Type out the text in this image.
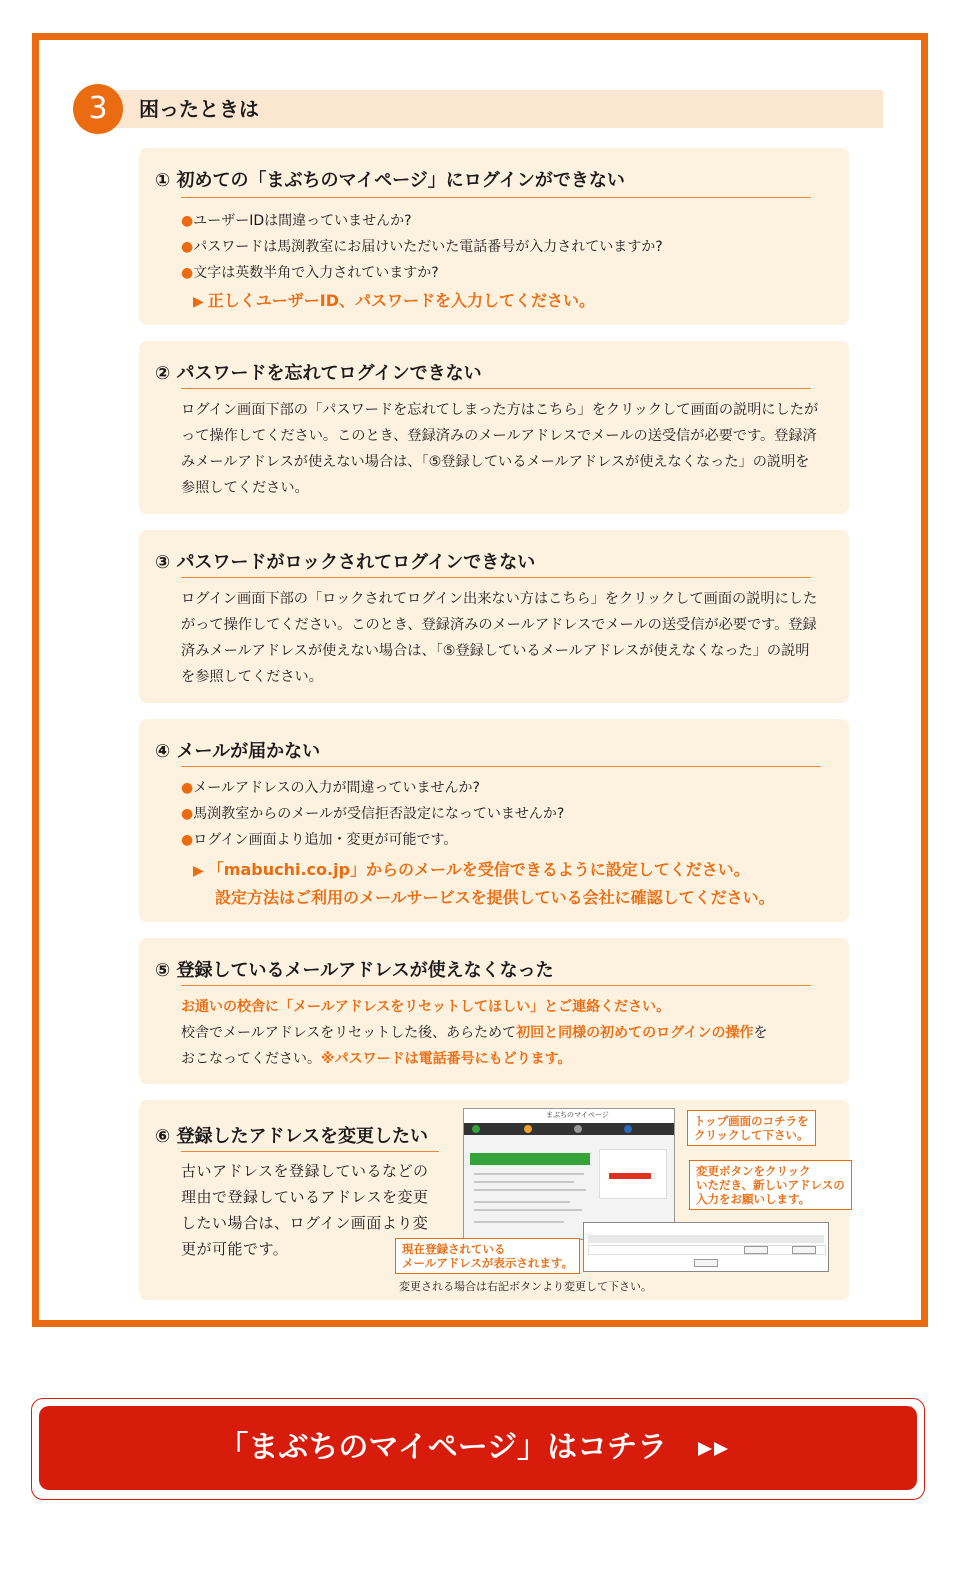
3	困ったときは
① 初めての「まぶちのマイページ」にログインができない
●ユーザーIDは間違っていませんか?
●パスワードは馬渕教室にお届けいただいた電話番号が入力されていますか?
●文字は英数半角で入力されていますか?
▶ 正しくユーザーID、パスワードを入力してください。
② パスワードを忘れてログインできない
ログイン画面下部の「パスワードを忘れてしまった方はこちら」をクリックして画面の説明にしたがって操作してください。このとき、登録済みのメールアドレスでメールの送受信が必要です。登録済みメールアドレスが使えない場合は、「⑤登録しているメールアドレスが使えなくなった」の説明を参照してください。
③ パスワードがロックされてログインできない
ログイン画面下部の「ロックされてログイン出来ない方はこちら」をクリックして画面の説明にしたがって操作してください。このとき、登録済みのメールアドレスでメールの送受信が必要です。登録済みメールアドレスが使えない場合は、「⑤登録しているメールアドレスが使えなくなった」の説明を参照してください。
④ メールが届かない
●メールアドレスの入力が間違っていませんか?
●馬渕教室からのメールが受信拒否設定になっていませんか?
●ログイン画面より追加・変更が可能です。
▶ 「mabuchi.co.jp」からのメールを受信できるように設定してください。
設定方法はご利用のメールサービスを提供している会社に確認してください。
⑤ 登録しているメールアドレスが使えなくなった
お通いの校舎に「メールアドレスをリセットしてほしい」とご連絡ください。
校舎でメールアドレスをリセットした後、あらためて初回と同様の初めてのログインの操作を
おこなってください。※パスワードは電話番号にもどります。
⑥ 登録したアドレスを変更したい
古いアドレスを登録しているなどの理由で登録しているアドレスを変更したい場合は、ログイン画面より変更が可能です。
まぶちのマイページ	トップ画面のコチラを
クリックして下さい。
変更ボタンをクリック
いただき、新しいアドレスの
入力をお願いします。
現在登録されている
メールアドレスが表示されます。
変更される場合は右記ボタンより変更して下さい。
「まぶちのマイページ」はコチラ
